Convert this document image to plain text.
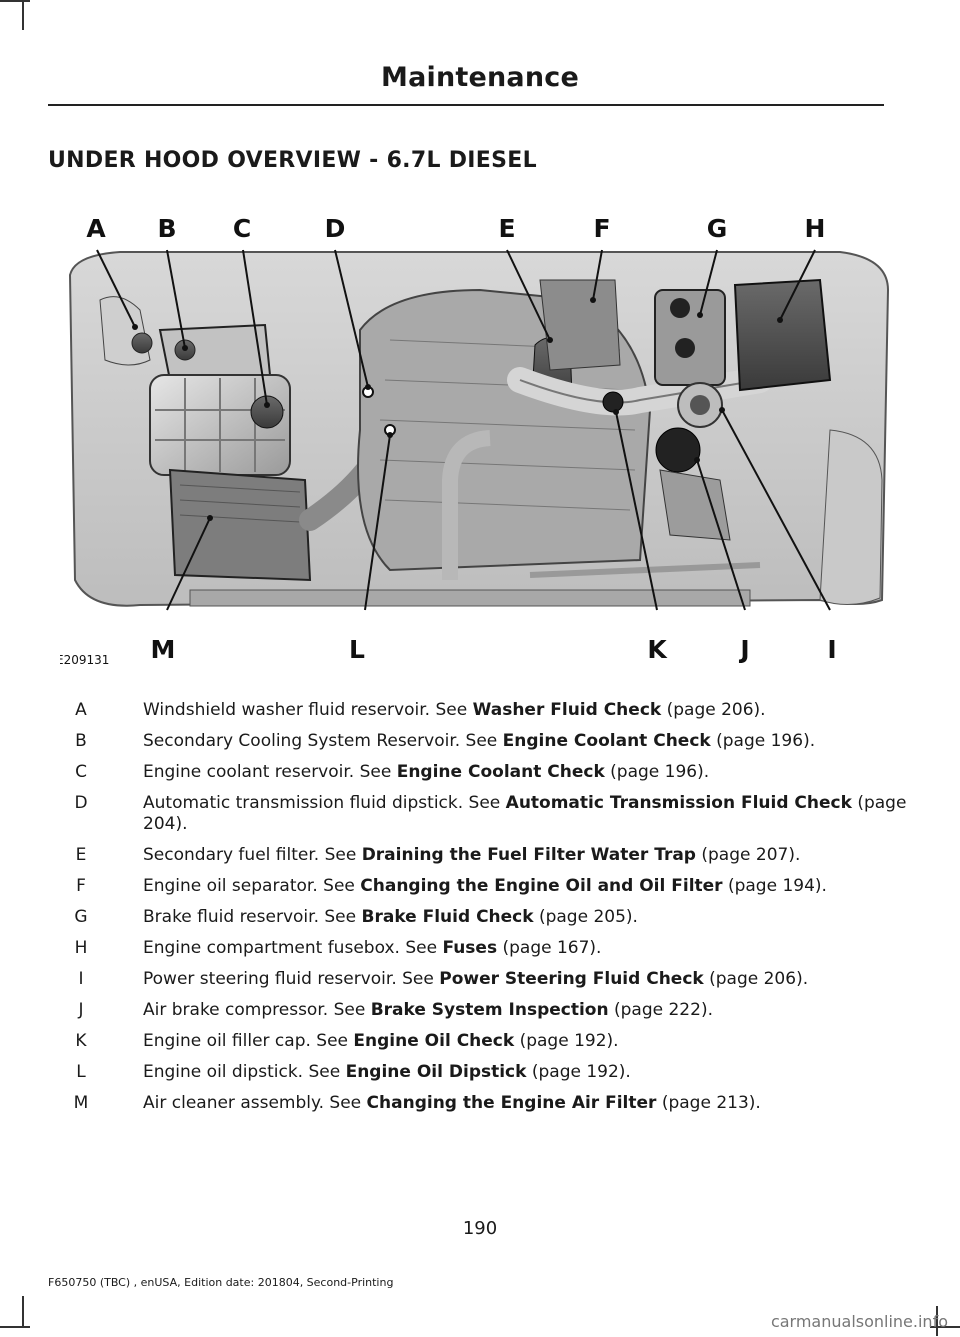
Maintenance
UNDER HOOD OVERVIEW - 6.7L DIESEL
A B C	D	E	F	G	H
M	L	K	J	I
E209131
A	Windshield washer fluid reservoir. See Washer Fluid Check (page 206).
B	Secondary Cooling System Reservoir. See Engine Coolant Check (page 196).
C	Engine coolant reservoir. See Engine Coolant Check (page 196).
D	Automatic transmission fluid dipstick. See Automatic Transmission Fluid Check (page 204).
E	Secondary fuel filter. See Draining the Fuel Filter Water Trap (page 207).
F	Engine oil separator. See Changing the Engine Oil and Oil Filter (page 194).
G	Brake fluid reservoir. See Brake Fluid Check (page 205).
H	Engine compartment fusebox. See Fuses (page 167).
I	Power steering fluid reservoir. See Power Steering Fluid Check (page 206).
J	Air brake compressor. See Brake System Inspection (page 222).
K	Engine oil filler cap. See Engine Oil Check (page 192).
L	Engine oil dipstick. See Engine Oil Dipstick (page 192).
M	Air cleaner assembly. See Changing the Engine Air Filter (page 213).
190
F650750 (TBC) , enUSA, Edition date: 201804, Second-Printing
carmanualsonline.info
